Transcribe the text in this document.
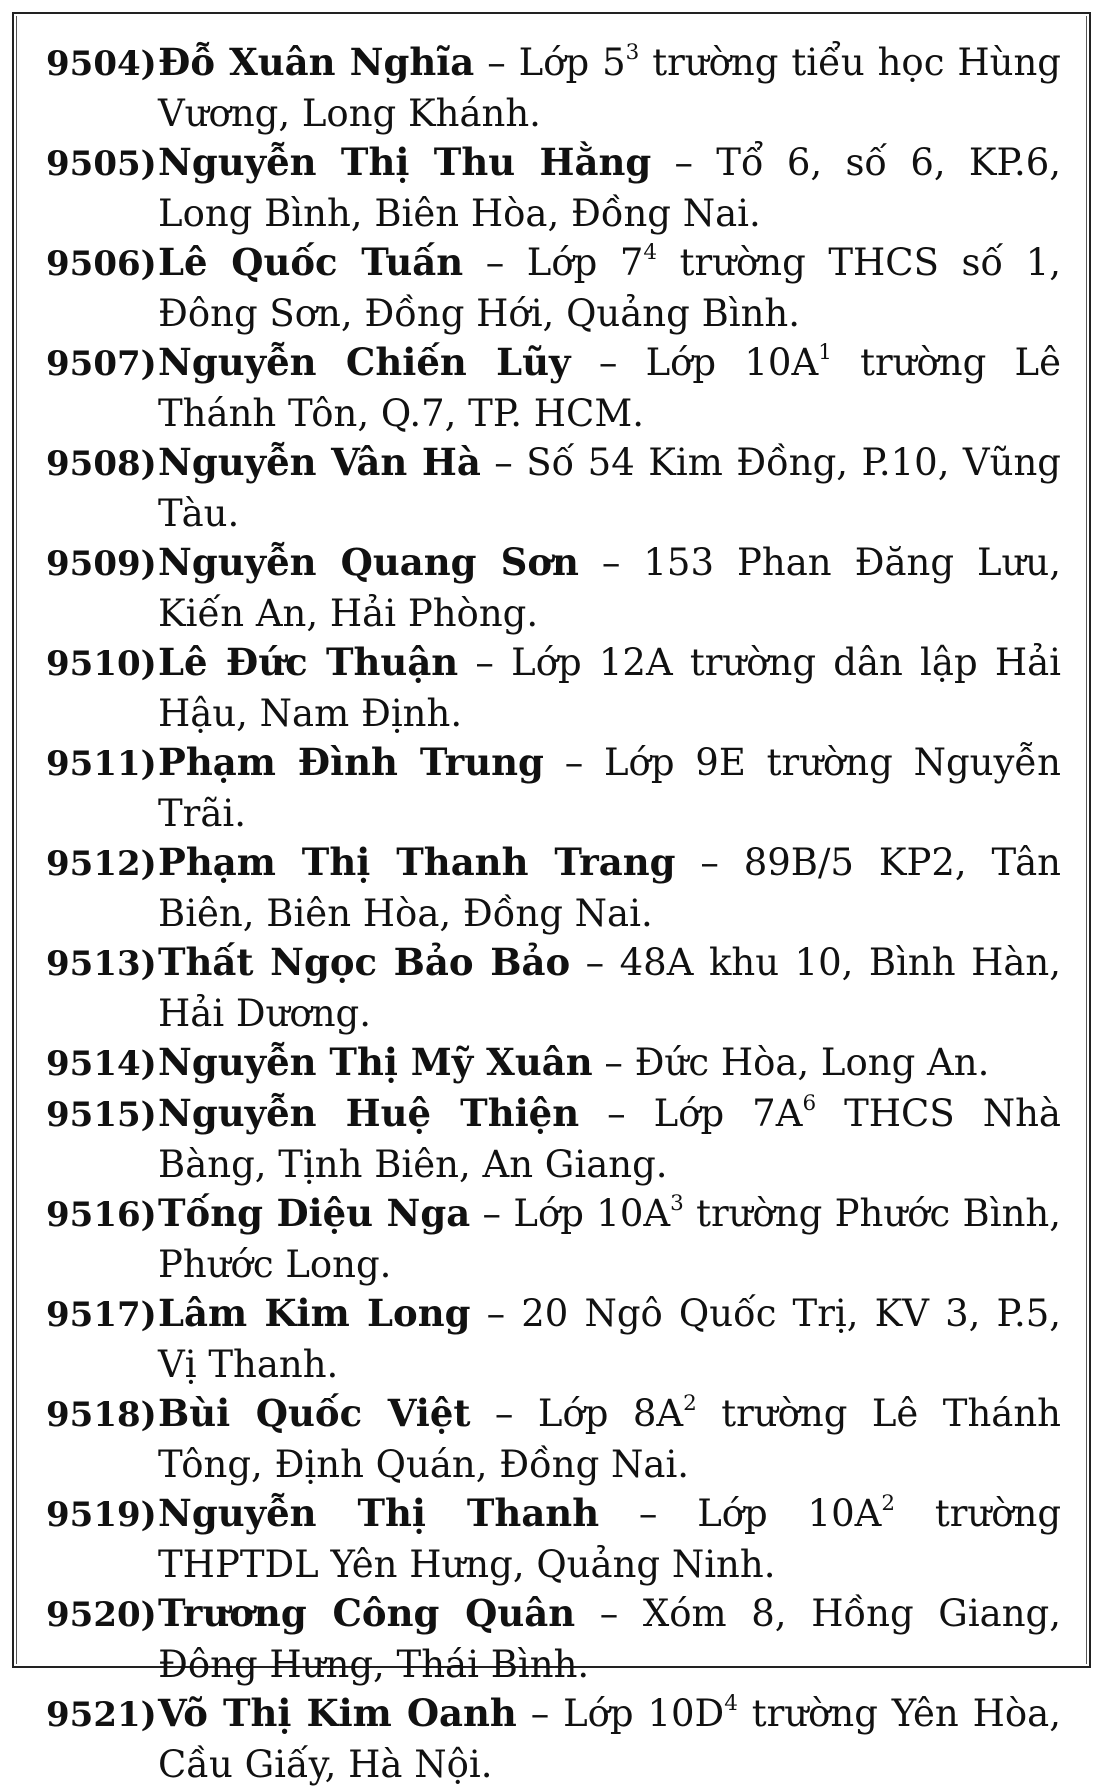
9504)Đỗ Xuân Nghĩa – Lớp $5^3$ trường tiểu học Hùng Vương, Long Khánh.

9505)Nguyễn Thị Thu Hằng – Tổ 6, số 6, KP.6, Long Bình, Biên Hòa, Đồng Nai.

9506)Lê Quốc Tuấn – Lớp $7^4$ trường THCS số 1, Đông Sơn, Đồng Hới, Quảng Bình.

9507)Nguyễn Chiến Lũy – Lớp $10A^1$ trường Lê Thánh Tôn, Q.7, TP. HCM.

9508)Nguyễn Vân Hà – Số 54 Kim Đồng, P.10, Vũng Tàu.

9509)Nguyễn Quang Sơn – 153 Phan Đăng Lưu, Kiến An, Hải Phòng.

9510)Lê Đức Thuận – Lớp 12A trường dân lập Hải Hậu, Nam Định.

9511)Phạm Đình Trung – Lớp 9E trường Nguyễn Trãi.

9512)Phạm Thị Thanh Trang – 89B/5 KP2, Tân Biên, Biên Hòa, Đồng Nai.

9513)Thất Ngọc Bảo Bảo – 48A khu 10, Bình Hàn, Hải Dương.

9514)Nguyễn Thị Mỹ Xuân – Đức Hòa, Long An.

9515)Nguyễn Huệ Thiện – Lớp $7A^6$ THCS Nhà Bàng, Tịnh Biên, An Giang.

9516)Tống Diệu Nga – Lớp $10A^3$ trường Phước Bình, Phước Long.

9517)Lâm Kim Long – 20 Ngô Quốc Trị, KV 3, P.5, Vị Thanh.

9518)Bùi Quốc Việt – Lớp $8A^2$ trường Lê Thánh Tông, Định Quán, Đồng Nai.

9519)Nguyễn Thị Thanh – Lớp $10A^2$ trường THPTDL Yên Hưng, Quảng Ninh.

9520)Trương Công Quân – Xóm 8, Hồng Giang, Đông Hưng, Thái Bình.

9521)Võ Thị Kim Oanh – Lớp $10D^4$ trường Yên Hòa, Cầu Giấy, Hà Nội.
